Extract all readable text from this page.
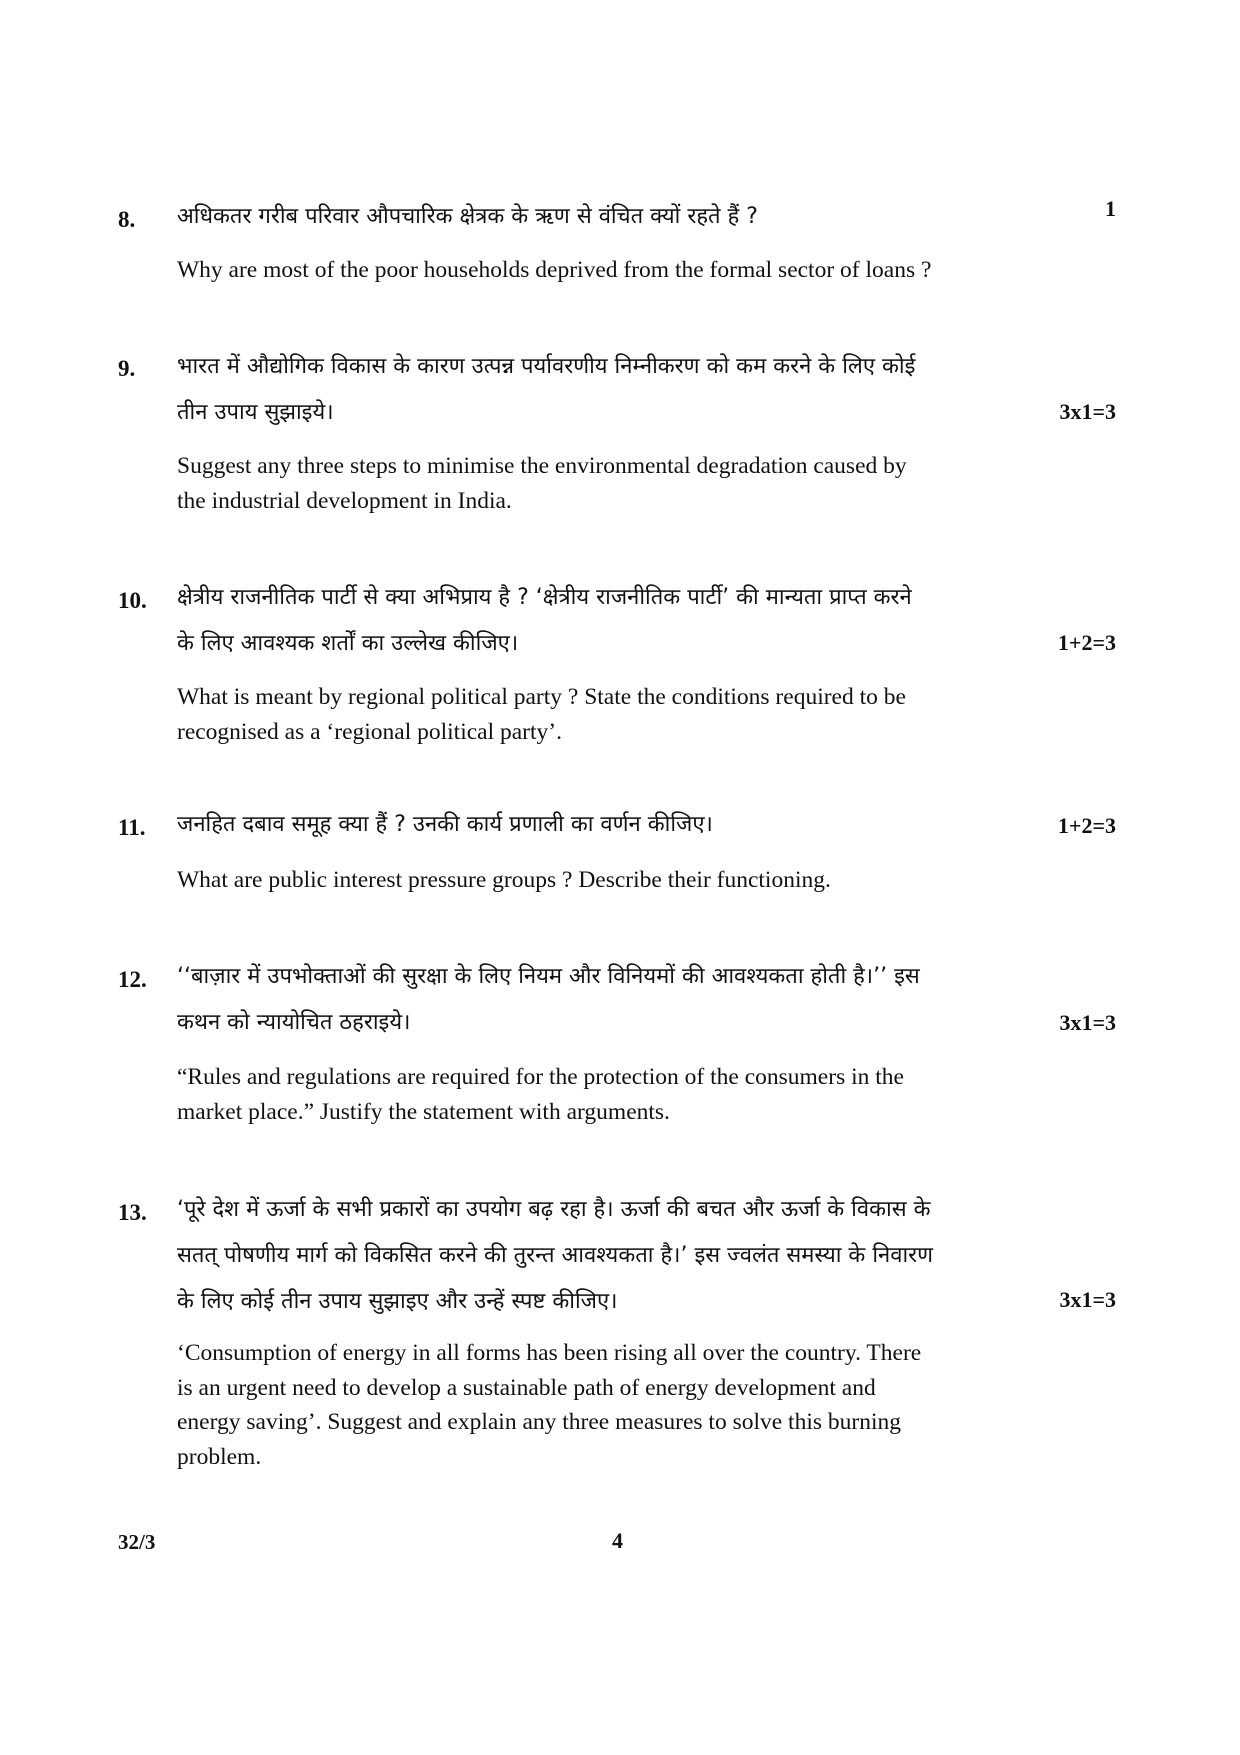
8. अधिकतर गरीब परिवार औपचारिक क्षेत्रक के ऋण से वंचित क्यों रहते हैं ?	1
Why are most of the poor households deprived from the formal sector of loans ?
9. भारत में औद्योगिक विकास के कारण उत्पन्न पर्यावरणीय निम्नीकरण को कम करने के लिए कोई
तीन उपाय सुझाइये।	3x1=3
Suggest any three steps to minimise the environmental degradation caused by
the industrial development in India.
10. क्षेत्रीय राजनीतिक पार्टी से क्या अभिप्राय है ? ‘क्षेत्रीय राजनीतिक पार्टी’ की मान्यता प्राप्त करने
के लिए आवश्यक शर्तों का उल्लेख कीजिए।	1+2=3
What is meant by regional political party ? State the conditions required to be
recognised as a ‘regional political party’.
11. जनहित दबाव समूह क्या हैं ? उनकी कार्य प्रणाली का वर्णन कीजिए।	1+2=3
What are public interest pressure groups ? Describe their functioning.
12. ‘‘बाज़ार में उपभोक्ताओं की सुरक्षा के लिए नियम और विनियमों की आवश्यकता होती है।’’ इस
कथन को न्यायोचित ठहराइये।	3x1=3
“Rules and regulations are required for the protection of the consumers in the
market place.” Justify the statement with arguments.
13. ‘पूरे देश में ऊर्जा के सभी प्रकारों का उपयोग बढ़ रहा है। ऊर्जा की बचत और ऊर्जा के विकास के
सतत् पोषणीय मार्ग को विकसित करने की तुरन्त आवश्यकता है।’ इस ज्वलंत समस्या के निवारण
के लिए कोई तीन उपाय सुझाइए और उन्हें स्पष्ट कीजिए।	3x1=3
‘Consumption of energy in all forms has been rising all over the country. There
is an urgent need to develop a sustainable path of energy development and
energy saving’. Suggest and explain any three measures to solve this burning
problem.
32/3	4
